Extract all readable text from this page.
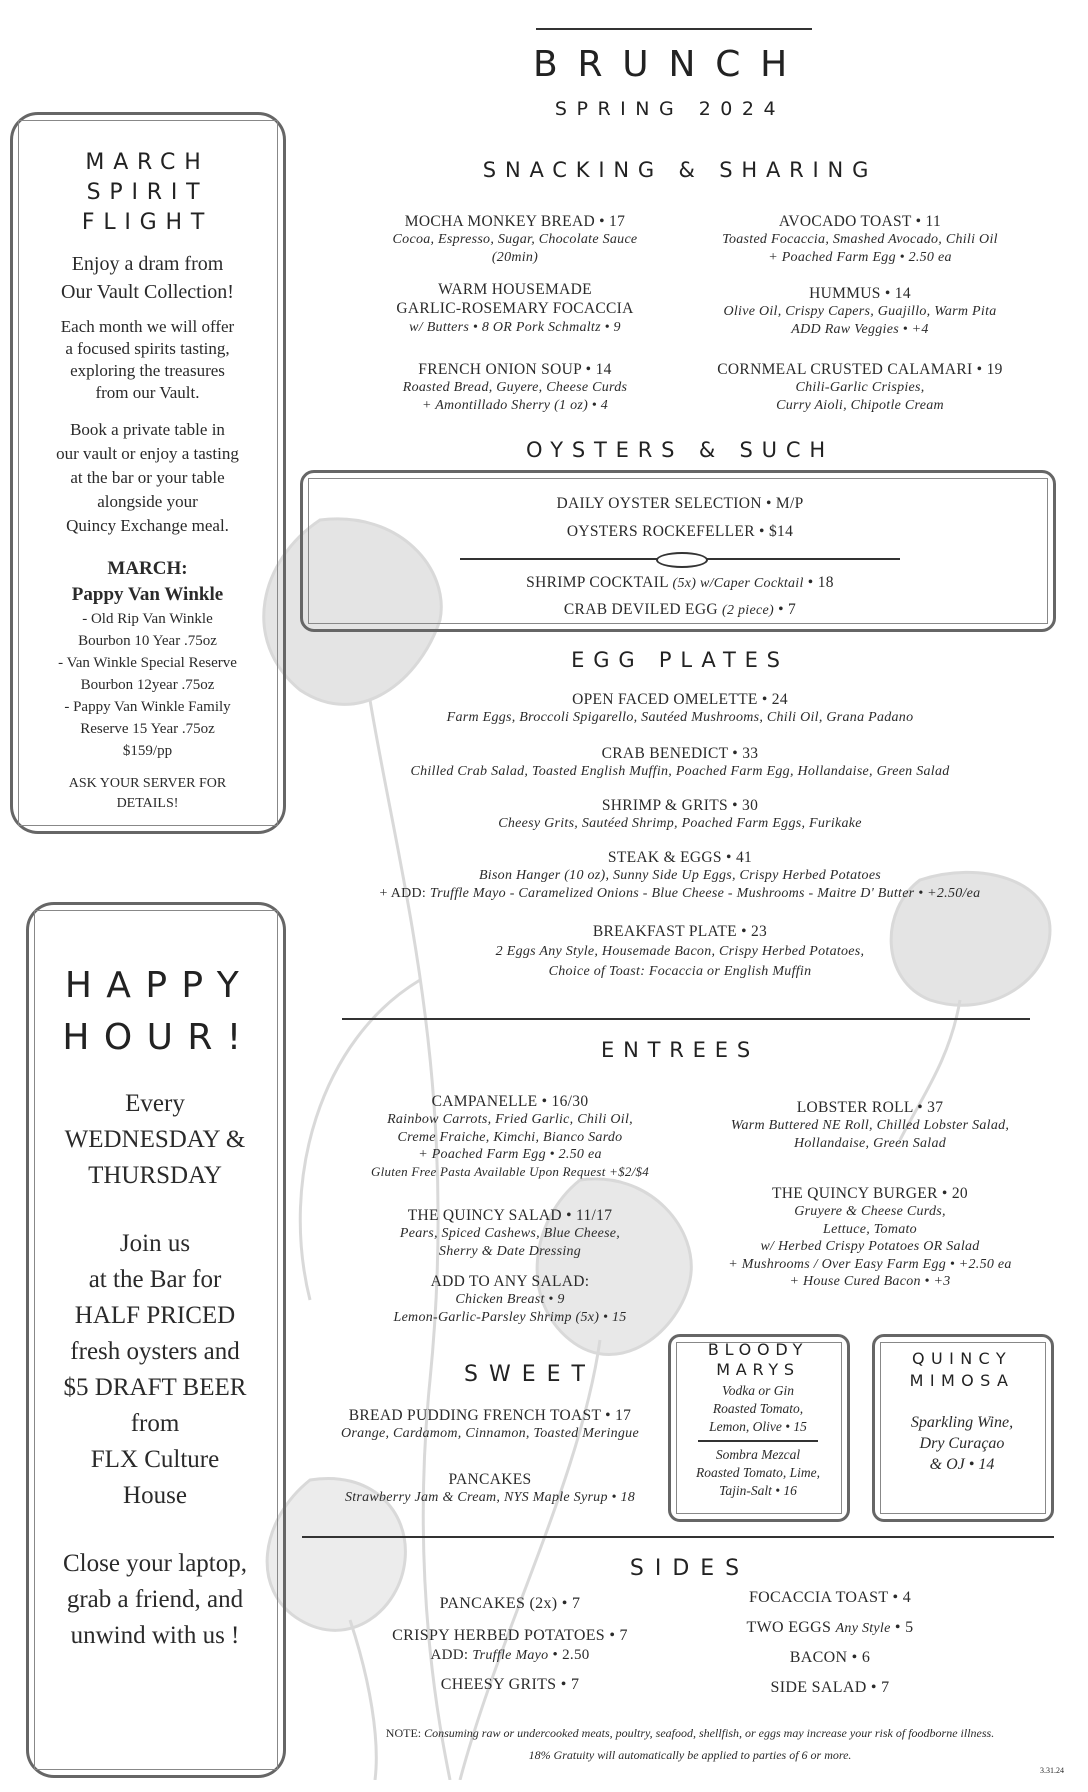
BRUNCH
SPRING 2024
MARCH
SPIRIT
FLIGHT
Enjoy a dram from
Our Vault Collection!
Each month we will offer
a focused spirits tasting,
exploring the treasures
from our Vault.
Book a private table in
our vault or enjoy a tasting
at the bar or your table
alongside your
Quincy Exchange meal.
MARCH:
Pappy Van Winkle
- Old Rip Van Winkle
Bourbon 10 Year .75oz
- Van Winkle Special Reserve
Bourbon 12year .75oz
- Pappy Van Winkle Family
Reserve 15 Year .75oz
$159/pp
ASK YOUR SERVER FOR
DETAILS!
HAPPY
HOUR!
Every
WEDNESDAY &
THURSDAY
Join us
at the Bar for
HALF PRICED
fresh oysters and
$5 DRAFT BEER
from
FLX Culture
House
Close your laptop,
grab a friend, and
unwind with us !
SNACKING & SHARING
MOCHA MONKEY BREAD • 17
Cocoa, Espresso, Sugar, Chocolate Sauce
(20min)
WARM HOUSEMADE
GARLIC-ROSEMARY FOCACCIA
w/ Butters • 8 OR Pork Schmaltz • 9
FRENCH ONION SOUP • 14
Roasted Bread, Guyere, Cheese Curds
+ Amontillado Sherry (1 oz) • 4
AVOCADO TOAST • 11
Toasted Focaccia, Smashed Avocado, Chili Oil
+ Poached Farm Egg • 2.50 ea
HUMMUS • 14
Olive Oil, Crispy Capers, Guajillo, Warm Pita
ADD Raw Veggies • +4
CORNMEAL CRUSTED CALAMARI • 19
Chili-Garlic Crispies,
Curry Aioli, Chipotle Cream
OYSTERS & SUCH
DAILY OYSTER SELECTION • M/P
OYSTERS ROCKEFELLER • $14
SHRIMP COCKTAIL (5x) w/Caper Cocktail • 18
CRAB DEVILED EGG (2 piece) • 7
EGG PLATES
OPEN FACED OMELETTE • 24
Farm Eggs, Broccoli Spigarello, Sautéed Mushrooms, Chili Oil, Grana Padano
CRAB BENEDICT • 33
Chilled Crab Salad, Toasted English Muffin, Poached Farm Egg, Hollandaise, Green Salad
SHRIMP & GRITS • 30
Cheesy Grits, Sautéed Shrimp, Poached Farm Eggs, Furikake
STEAK & EGGS • 41
Bison Hanger (10 oz), Sunny Side Up Eggs, Crispy Herbed Potatoes
+ ADD: Truffle Mayo - Caramelized Onions - Blue Cheese - Mushrooms - Maitre D' Butter • +2.50/ea
BREAKFAST PLATE • 23
2 Eggs Any Style, Housemade Bacon, Crispy Herbed Potatoes,
Choice of Toast: Focaccia or English Muffin
ENTREES
CAMPANELLE • 16/30
Rainbow Carrots, Fried Garlic, Chili Oil,
Creme Fraiche, Kimchi, Bianco Sardo
+ Poached Farm Egg • 2.50 ea
Gluten Free Pasta Available Upon Request +$2/$4
THE QUINCY SALAD • 11/17
Pears, Spiced Cashews, Blue Cheese,
Sherry & Date Dressing
ADD TO ANY SALAD:
Chicken Breast • 9
Lemon-Garlic-Parsley Shrimp (5x) • 15
LOBSTER ROLL • 37
Warm Buttered NE Roll, Chilled Lobster Salad,
Hollandaise, Green Salad
THE QUINCY BURGER • 20
Gruyere & Cheese Curds,
Lettuce, Tomato
w/ Herbed Crispy Potatoes OR Salad
+ Mushrooms / Over Easy Farm Egg • +2.50 ea
+ House Cured Bacon • +3
SWEET
BREAD PUDDING FRENCH TOAST • 17
Orange, Cardamom, Cinnamon, Toasted Meringue
PANCAKES
Strawberry Jam & Cream, NYS Maple Syrup • 18
BLOODY
MARYS
Vodka or Gin
Roasted Tomato,
Lemon, Olive • 15
Sombra Mezcal
Roasted Tomato, Lime,
Tajin-Salt • 16
QUINCY
MIMOSA
Sparkling Wine,
Dry Curaçao
& OJ • 14
SIDES
PANCAKES (2x) • 7
CRISPY HERBED POTATOES • 7
ADD: Truffle Mayo • 2.50
CHEESY GRITS • 7
FOCACCIA TOAST • 4
TWO EGGS Any Style • 5
BACON • 6
SIDE SALAD • 7
NOTE: Consuming raw or undercooked meats, poultry, seafood, shellfish, or eggs may increase your risk of foodborne illness.
18% Gratuity will automatically be applied to parties of 6 or more.
3.31.24
